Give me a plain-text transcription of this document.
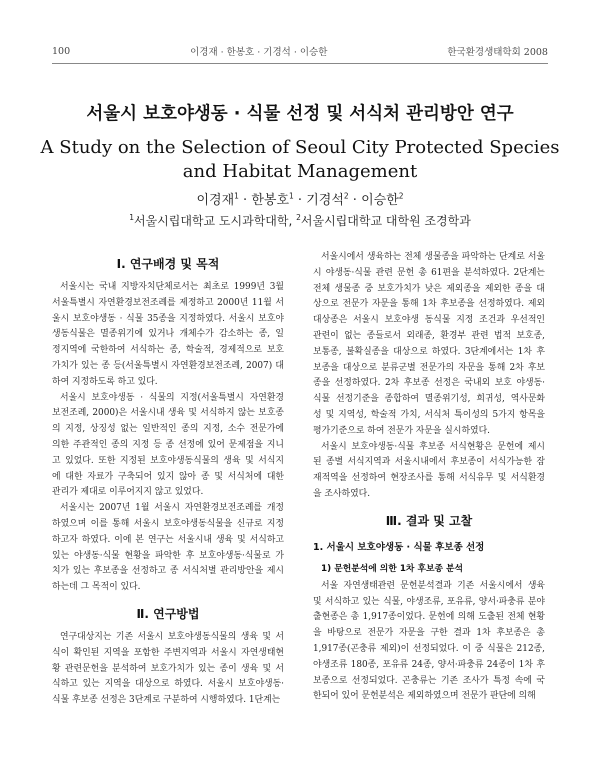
100	이경재 · 한봉호 · 기경석 · 이승한	한국환경생태학회 2008
서울시 보호야생동 · 식물 선정 및 서식처 관리방안 연구
A Study on the Selection of Seoul City Protected Species and Habitat Management
이경재$^1$ · 한봉호$^1$ · 기경석$^2$ · 이승한$^2$
$^1$서울시립대학교 도시과학대학, $^2$서울시립대학교 대학원 조경학과
Ⅰ. 연구배경 및 목적
서울시는 국내 지방자치단체로서는 최초로 1999년 3월
서울특별시 자연환경보전조례를 제정하고 2000년 11월 서
울시 보호야생동 · 식물 35종을 지정하였다. 서울시 보호야
생동식물은 멸종위기에 있거나 개체수가 감소하는 종, 일
정지역에 국한하여 서식하는 종, 학술적, 경제적으로 보호
가치가 있는 종 등(서울특별시 자연환경보전조례, 2007) 대
하여 지정하도록 하고 있다.
서울시 보호야생동 · 식물의 지정(서울특별시 자연환경
보전조례, 2000)은 서울시내 생육 및 서식하지 않는 보호종
의 지정, 상징성 없는 일반적인 종의 지정, 소수 전문가에
의한 주관적인 종의 지정 등 종 선정에 있어 문제점을 지니
고 있었다. 또한 지정된 보호야생동식물의 생육 및 서식지
에 대한 자료가 구축되어 있지 않아 종 및 서식처에 대한
관리가 제대로 이루어지지 않고 있었다.
서울시는 2007년 1월 서울시 자연환경보전조례를 개정
하였으며 이를 통해 서울시 보호야생동식물을 신규로 지정
하고자 하였다. 이에 본 연구는 서울시내 생육 및 서식하고
있는 야생동·식물 현황을 파악한 후 보호야생동·식물로 가
치가 있는 후보종을 선정하고 종 서식처별 관리방안을 제시
하는데 그 목적이 있다.
Ⅱ. 연구방법
연구대상지는 기존 서울시 보호야생동식물의 생육 및 서
식이 확인된 지역을 포함한 주변지역과 서울시 자연생태현
황 관련문헌을 분석하여 보호가치가 있는 종이 생육 및 서
식하고 있는 지역을 대상으로 하였다. 서울시 보호야생동·
식물 후보종 선정은 3단계로 구분하여 시행하였다. 1단계는
서울시에서 생육하는 전체 생물종을 파악하는 단계로 서울
시 야생동·식물 관련 문헌 총 61편을 분석하였다. 2단계는
전체 생물종 중 보호가치가 낮은 제외종을 제외한 종을 대
상으로 전문가 자문을 통해 1차 후보종을 선정하였다. 제외
대상종은 서울시 보호야생 동식물 지정 조건과 우선적인
관련이 없는 종들로서 외래종, 환경부 관련 법적 보호종,
보통종, 불확실종을 대상으로 하였다. 3단계에서는 1차 후
보종을 대상으로 분류군별 전문가의 자문을 통해 2차 후보
종을 선정하였다. 2차 후보종 선정은 국내외 보호 야생동·
식물 선정기준을 종합하여 멸종위기성, 희귀성, 역사문화
성 및 지역성, 학술적 가치, 서식처 특이성의 5가지 항목을
평가기준으로 하여 전문가 자문을 실시하였다.
서울시 보호야생동·식물 후보종 서식현황은 문헌에 제시
된 종별 서식지역과 서울시내에서 후보종이 서식가능한 잠
재적역을 선정하여 현장조사를 통해 서식유무 및 서식환경
을 조사하였다.
Ⅲ. 결과 및 고찰
1. 서울시 보호야생동 · 식물 후보종 선정
1) 문헌분석에 의한 1차 후보종 분석
서울 자연생태관련 문헌분석결과 기존 서울시에서 생육
및 서식하고 있는 식물, 야생조류, 포유류, 양서·파충류 분야
출현종은 총 1,917종이었다. 문헌에 의해 도출된 전체 현황
을 바탕으로 전문가 자문을 구한 결과 1차 후보종은 총
1,917종(곤충류 제외)이 선정되었다. 이 중 식물은 212종,
야생조류 180종, 포유류 24종, 양서·파충류 24종이 1차 후
보종으로 선정되었다. 곤충류는 기존 조사가 특정 속에 국
한되어 있어 문헌분석은 제외하였으며 전문가 판단에 의해
